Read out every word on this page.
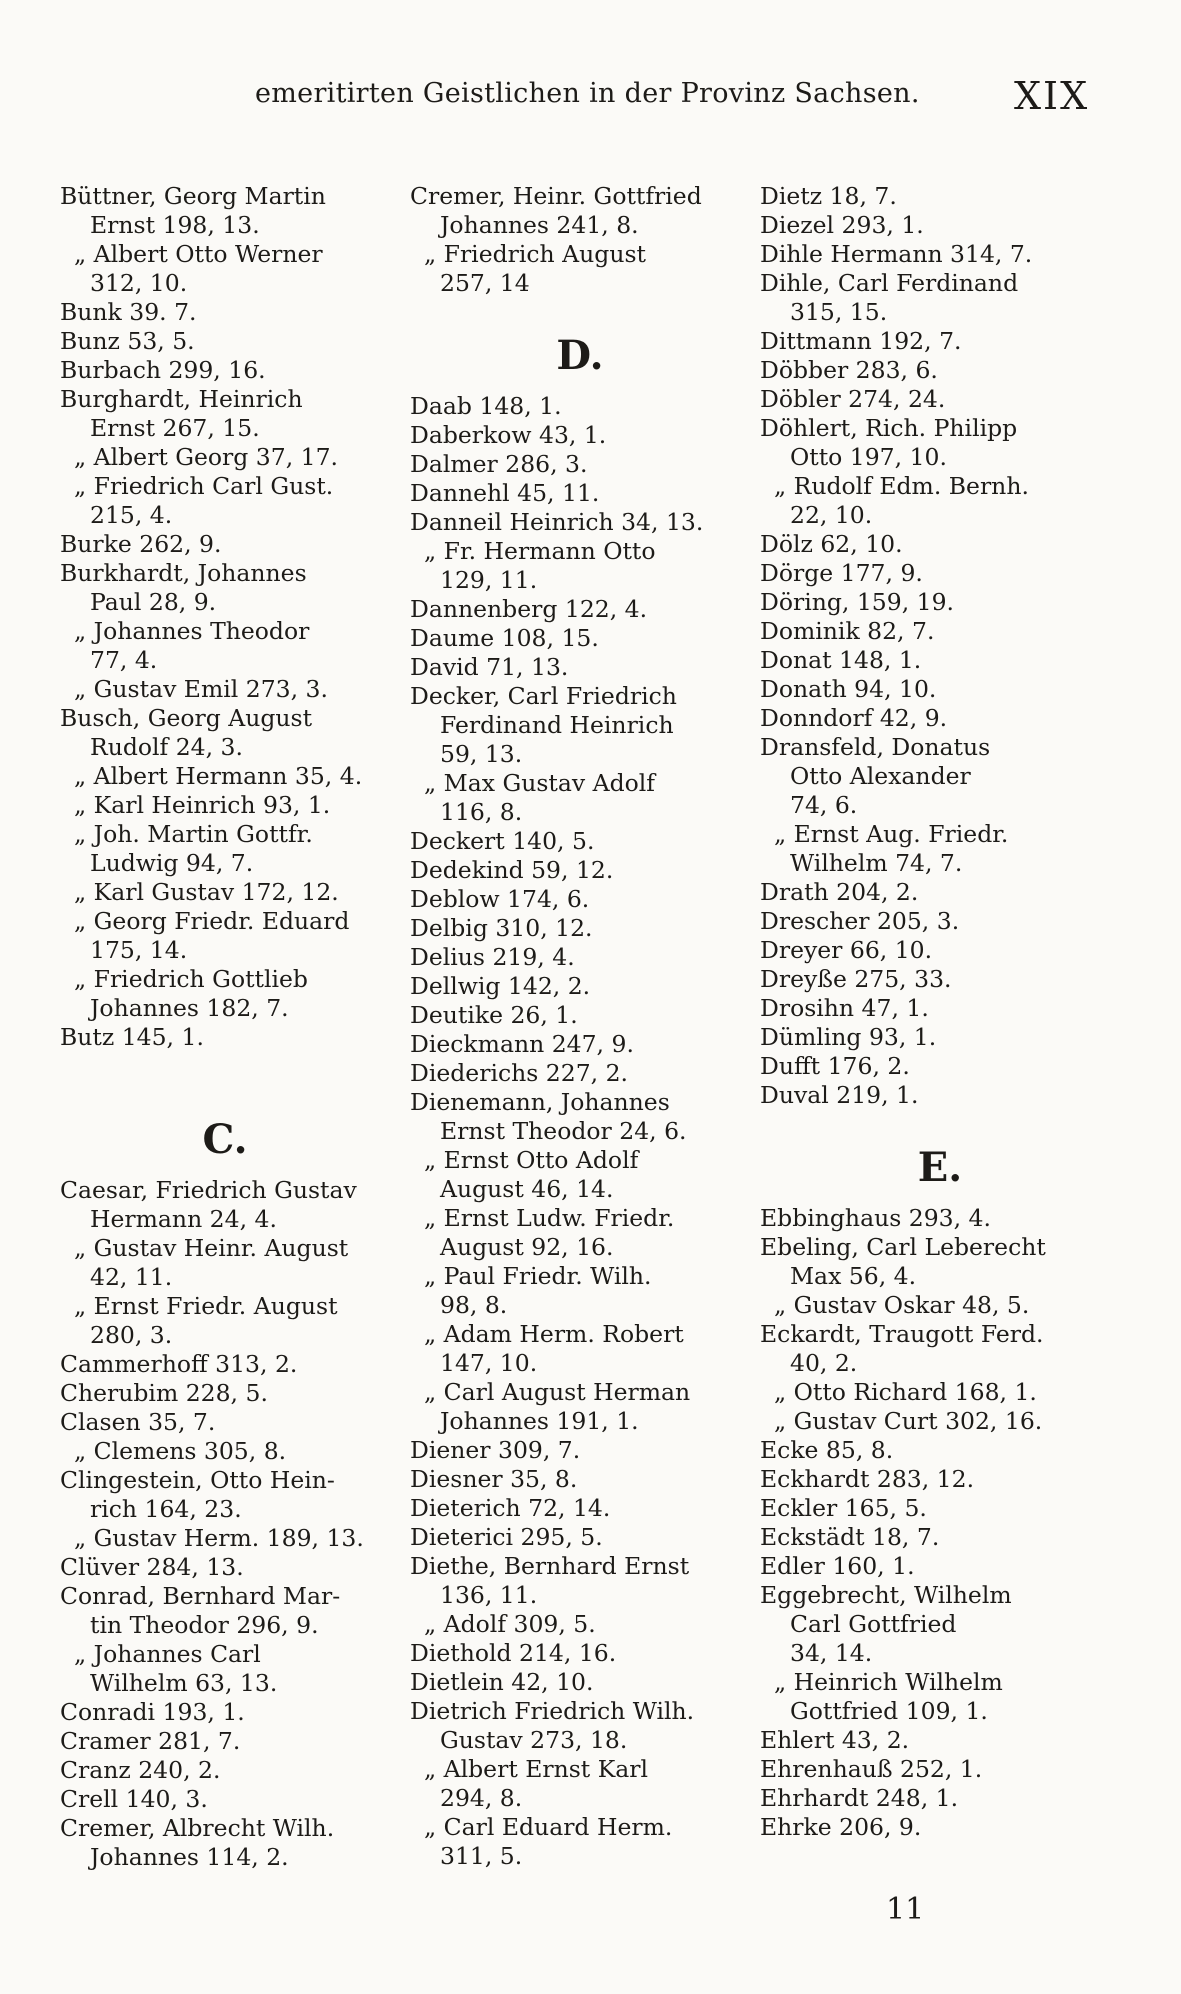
emeritirten Geistlichen in der Provinz Sachsen. XIX
Büttner, Georg Martin
Ernst 198, 13.
„ Albert Otto Werner
312, 10.
Bunk 39. 7.
Bunz 53, 5.
Burbach 299, 16.
Burghardt, Heinrich
Ernst 267, 15.
„ Albert Georg 37, 17.
„ Friedrich Carl Gust.
215, 4.
Burke 262, 9.
Burkhardt, Johannes
Paul 28, 9.
„ Johannes Theodor
77, 4.
„ Gustav Emil 273, 3.
Busch, Georg August
Rudolf 24, 3.
„ Albert Hermann 35, 4.
„ Karl Heinrich 93, 1.
„ Joh. Martin Gottfr.
Ludwig 94, 7.
„ Karl Gustav 172, 12.
„ Georg Friedr. Eduard
175, 14.
„ Friedrich Gottlieb
Johannes 182, 7.
Butz 145, 1.
C.
Caesar, Friedrich Gustav
Hermann 24, 4.
„ Gustav Heinr. August
42, 11.
„ Ernst Friedr. August
280, 3.
Cammerhoff 313, 2.
Cherubim 228, 5.
Clasen 35, 7.
„ Clemens 305, 8.
Clingestein, Otto Hein-
rich 164, 23.
„ Gustav Herm. 189, 13.
Clüver 284, 13.
Conrad, Bernhard Mar-
tin Theodor 296, 9.
„ Johannes Carl
Wilhelm 63, 13.
Conradi 193, 1.
Cramer 281, 7.
Cranz 240, 2.
Crell 140, 3.
Cremer, Albrecht Wilh.
Johannes 114, 2.
Cremer, Heinr. Gottfried
Johannes 241, 8.
„ Friedrich August
257, 14
D.
Daab 148, 1.
Daberkow 43, 1.
Dalmer 286, 3.
Dannehl 45, 11.
Danneil Heinrich 34, 13.
„ Fr. Hermann Otto
129, 11.
Dannenberg 122, 4.
Daume 108, 15.
David 71, 13.
Decker, Carl Friedrich
Ferdinand Heinrich
59, 13.
„ Max Gustav Adolf
116, 8.
Deckert 140, 5.
Dedekind 59, 12.
Deblow 174, 6.
Delbig 310, 12.
Delius 219, 4.
Dellwig 142, 2.
Deutike 26, 1.
Dieckmann 247, 9.
Diederichs 227, 2.
Dienemann, Johannes
Ernst Theodor 24, 6.
„ Ernst Otto Adolf
August 46, 14.
„ Ernst Ludw. Friedr.
August 92, 16.
„ Paul Friedr. Wilh.
98, 8.
„ Adam Herm. Robert
147, 10.
„ Carl August Herman
Johannes 191, 1.
Diener 309, 7.
Diesner 35, 8.
Dieterich 72, 14.
Dieterici 295, 5.
Diethe, Bernhard Ernst
136, 11.
„ Adolf 309, 5.
Diethold 214, 16.
Dietlein 42, 10.
Dietrich Friedrich Wilh.
Gustav 273, 18.
„ Albert Ernst Karl
294, 8.
„ Carl Eduard Herm.
311, 5.
Dietz 18, 7.
Diezel 293, 1.
Dihle Hermann 314, 7.
Dihle, Carl Ferdinand
315, 15.
Dittmann 192, 7.
Döbber 283, 6.
Döbler 274, 24.
Döhlert, Rich. Philipp
Otto 197, 10.
„ Rudolf Edm. Bernh.
22, 10.
Dölz 62, 10.
Dörge 177, 9.
Döring, 159, 19.
Dominik 82, 7.
Donat 148, 1.
Donath 94, 10.
Donndorf 42, 9.
Dransfeld, Donatus
Otto Alexander
74, 6.
„ Ernst Aug. Friedr.
Wilhelm 74, 7.
Drath 204, 2.
Drescher 205, 3.
Dreyer 66, 10.
Dreyße 275, 33.
Drosihn 47, 1.
Dümling 93, 1.
Dufft 176, 2.
Duval 219, 1.
E.
Ebbinghaus 293, 4.
Ebeling, Carl Leberecht
Max 56, 4.
„ Gustav Oskar 48, 5.
Eckardt, Traugott Ferd.
40, 2.
„ Otto Richard 168, 1.
„ Gustav Curt 302, 16.
Ecke 85, 8.
Eckhardt 283, 12.
Eckler 165, 5.
Eckstädt 18, 7.
Edler 160, 1.
Eggebrecht, Wilhelm
Carl Gottfried
34, 14.
„ Heinrich Wilhelm
Gottfried 109, 1.
Ehlert 43, 2.
Ehrenhauß 252, 1.
Ehrhardt 248, 1.
Ehrke 206, 9.
11
